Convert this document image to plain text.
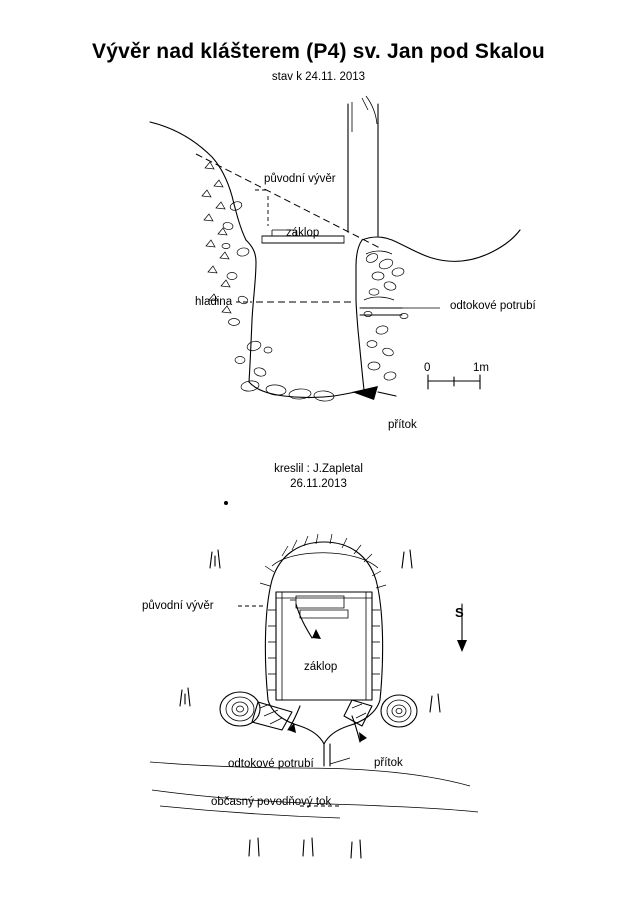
Vývěr nad klášterem (P4) sv. Jan pod Skalou
stav k 24.11. 2013
původní vývěr
záklop
hladina	odtokové potrubí
přítok
0	1m
kreslil : J.Zapletal
26.11.2013
původní vývěr
záklop
odtokové potrubí	přítok
občasný povodňový tok
S
